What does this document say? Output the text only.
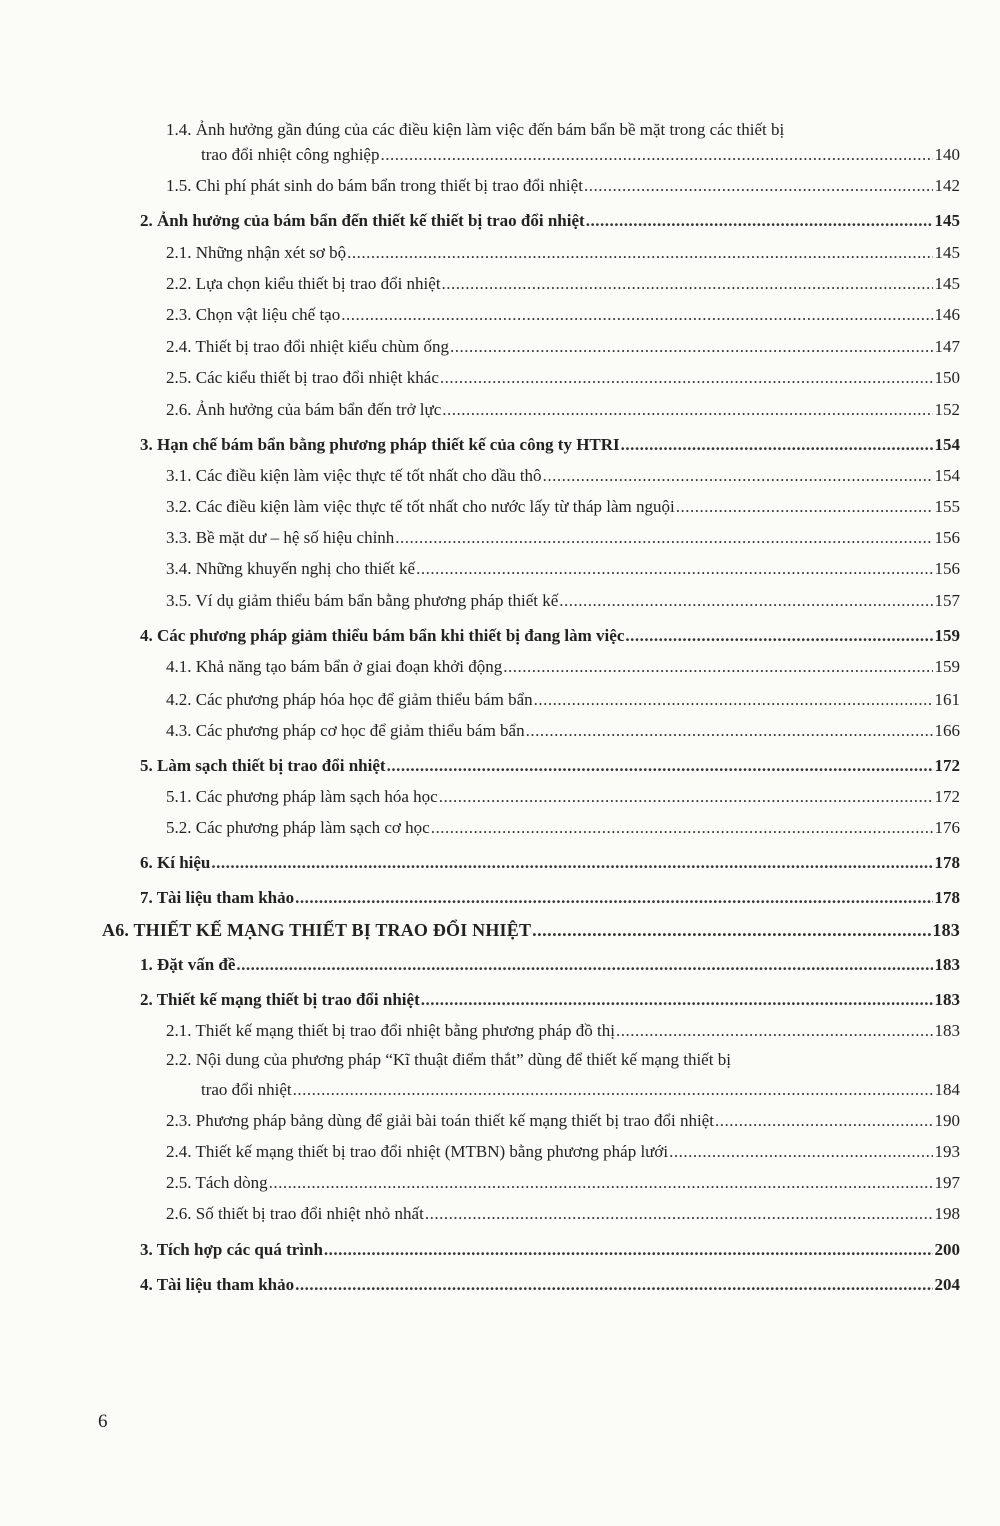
1.4. Ảnh hưởng gần đúng của các điều kiện làm việc đến bám bẩn bề mặt trong các thiết bị
trao đổi nhiệt công nghiệp .....	140
1.5. Chi phí phát sinh do bám bẩn trong thiết bị trao đổi nhiệt .....	142
2. Ảnh hưởng của bám bẩn đến thiết kế thiết bị trao đổi nhiệt .....	145
2.1. Những nhận xét sơ bộ .....	145
2.2. Lựa chọn kiểu thiết bị trao đổi nhiệt .....	145
2.3. Chọn vật liệu chế tạo .....	146
2.4. Thiết bị trao đổi nhiệt kiểu chùm ống .....	147
2.5. Các kiểu thiết bị trao đổi nhiệt khác .....	150
2.6. Ảnh hưởng của bám bẩn đến trở lực .....	152
3. Hạn chế bám bẩn bằng phương pháp thiết kế của công ty HTRI .....	154
3.1. Các điều kiện làm việc thực tế tốt nhất cho dầu thô .....	154
3.2. Các điều kiện làm việc thực tế tốt nhất cho nước lấy từ tháp làm nguội .....	155
3.3. Bề mặt dư – hệ số hiệu chỉnh .....	156
3.4. Những khuyến nghị cho thiết kế .....	156
3.5. Ví dụ giảm thiểu bám bẩn bằng phương pháp thiết kế .....	157
4. Các phương pháp giảm thiểu bám bẩn khi thiết bị đang làm việc .....	159
4.1. Khả năng tạo bám bẩn ở giai đoạn khởi động .....	159
4.2. Các phương pháp hóa học để giảm thiểu bám bẩn .....	161
4.3. Các phương pháp cơ học để giảm thiểu bám bẩn .....	166
5. Làm sạch thiết bị trao đổi nhiệt .....	172
5.1. Các phương pháp làm sạch hóa học .....	172
5.2. Các phương pháp làm sạch cơ học .....	176
6. Kí hiệu .....	178
7. Tài liệu tham khảo .....	178
A6. THIẾT KẾ MẠNG THIẾT BỊ TRAO ĐỔI NHIỆT .....	183
1. Đặt vấn đề .....	183
2. Thiết kế mạng thiết bị trao đổi nhiệt .....	183
2.1. Thiết kế mạng thiết bị trao đổi nhiệt bằng phương pháp đồ thị .....	183
2.2. Nội dung của phương pháp “Kĩ thuật điểm thắt” dùng để thiết kế mạng thiết bị
trao đổi nhiệt .....	184
2.3. Phương pháp bảng dùng để giải bài toán thiết kế mạng thiết bị trao đổi nhiệt .....	190
2.4. Thiết kế mạng thiết bị trao đổi nhiệt (MTBN) bằng phương pháp lưới .....	193
2.5. Tách dòng .....	197
2.6. Số thiết bị trao đổi nhiệt nhỏ nhất .....	198
3. Tích hợp các quá trình .....	200
4. Tài liệu tham khảo .....	204
6
